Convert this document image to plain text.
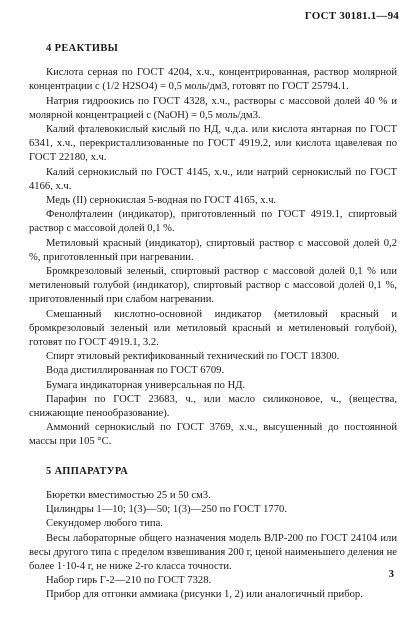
ГОСТ 30181.1—94
4 РЕАКТИВЫ

Кислота серная по ГОСТ 4204, х.ч., концентрированная, раствор молярной концентрации c (1/2 H2SO4) = 0,5 моль/дм3, готовят по ГОСТ 25794.1.

Натрия гидроокись по ГОСТ 4328, х.ч., растворы с массовой долей 40 % и молярной концентрацией c (NaOH) = 0,5 моль/дм3.

Калий фталевокислый кислый по НД, ч.д.а. или кислота янтарная по ГОСТ 6341, х.ч., перекристаллизованные по ГОСТ 4919.2, или кислота щавелевая по ГОСТ 22180, х.ч.

Калий сернокислый по ГОСТ 4145, х.ч., или натрий сернокислый по ГОСТ 4166, х.ч.

Медь (II) сернокислая 5-водная по ГОСТ 4165, х.ч.

Фенолфталеин (индикатор), приготовленный по ГОСТ 4919.1, спиртовый раствор с массовой долей 0,1 %.

Метиловый красный (индикатор), спиртовый раствор с массовой долей 0,2 %, приготовленный при нагревании.

Бромкрезоловый зеленый, спиртовый раствор с массовой долей 0,1 % или метиленовый голубой (индикатор), спиртовый раствор с массовой долей 0,1 %, приготовленный при слабом нагревании.

Смешанный кислотно-основной индикатор (метиловый красный и бромкрезоловый зеленый или метиловый красный и метиленовый голубой), готовят по ГОСТ 4919.1, 3.2.

Спирт этиловый ректификованный технический по ГОСТ 18300.

Вода дистиллированная по ГОСТ 6709.

Бумага индикаторная универсальная по НД.

Парафин по ГОСТ 23683, ч., или масло силиконовое, ч., (вещества, снижающие пенообразование).

Аммоний сернокислый по ГОСТ 3769, х.ч., высушенный до постоянной массы при 105 °С.

5 АППАРАТУРА

Бюретки вместимостью 25 и 50 см3.

Цилиндры 1—10; 1(3)—50; 1(3)—250 по ГОСТ 1770.

Секундомер любого типа.

Весы лабораторные общего назначения модель ВЛР-200 по ГОСТ 24104 или весы другого типа с пределом взвешивания 200 г, ценой наименьшего деления не более 1·10-4 г, не ниже 2-го класса точности.

Набор гирь Г-2—210 по ГОСТ 7328.

Прибор для отгонки аммиака (рисунки 1, 2) или аналогичный прибор.

3
